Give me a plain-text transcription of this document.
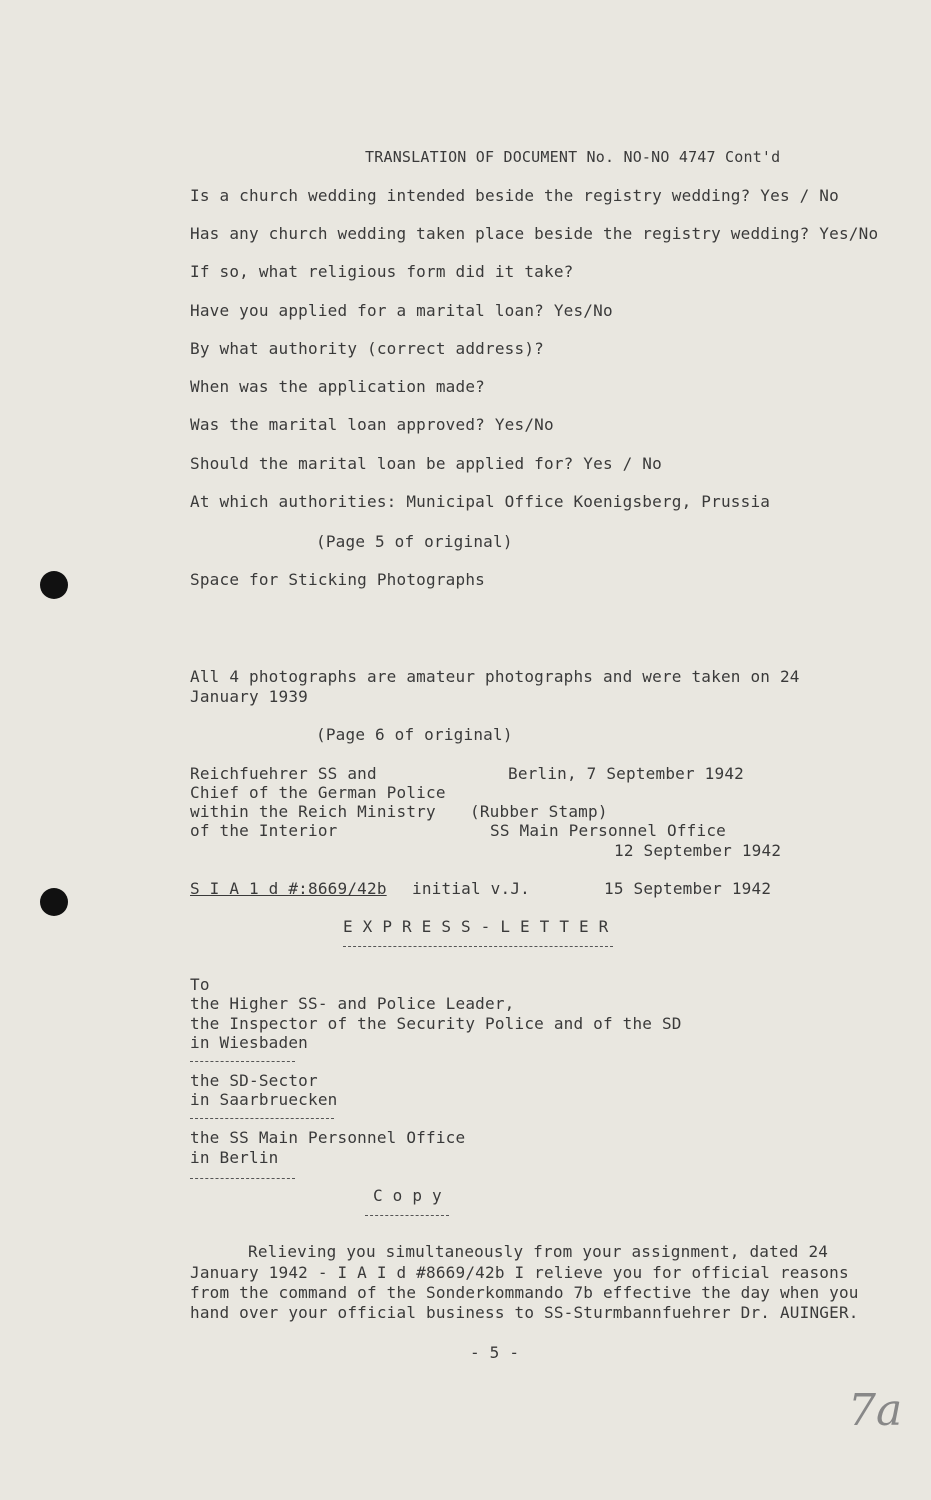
TRANSLATION OF DOCUMENT No. NO-NO 4747 Cont'd
Is a church wedding intended beside the registry wedding? Yes / No
Has any church wedding taken place beside the registry wedding? Yes/No
If so, what religious form did it take?
Have you applied for a marital loan? Yes/No
By what authority (correct address)?
When was the application made?
Was the marital loan approved? Yes/No
Should the marital loan be applied for? Yes / No
At which authorities: Municipal Office Koenigsberg, Prussia
(Page 5 of original)
Space for Sticking Photographs
All 4 photographs are amateur photographs and were taken on 24
January 1939
(Page 6 of original)
Reichfuehrer SS and
Chief of the German Police
within the Reich Ministry
of the Interior
Berlin, 7 September 1942
(Rubber Stamp)
SS Main Personnel Office
12 September 1942
S I A 1 d #:8669/42b initial v.J.	15 September 1942
E X P R E S S - L E T T E R
To
the Higher SS- and Police Leader,
the Inspector of the Security Police and of the SD
in Wiesbaden
the SD-Sector
in Saarbruecken
the SS Main Personnel Office
in Berlin
C o p y
Relieving you simultaneously from your assignment, dated 24
January 1942 - I A I d #8669/42b I relieve you for official reasons
from the command of the Sonderkommando 7b effective the day when you
hand over your official business to SS-Sturmbannfuehrer Dr. AUINGER.
- 5 -
7a
